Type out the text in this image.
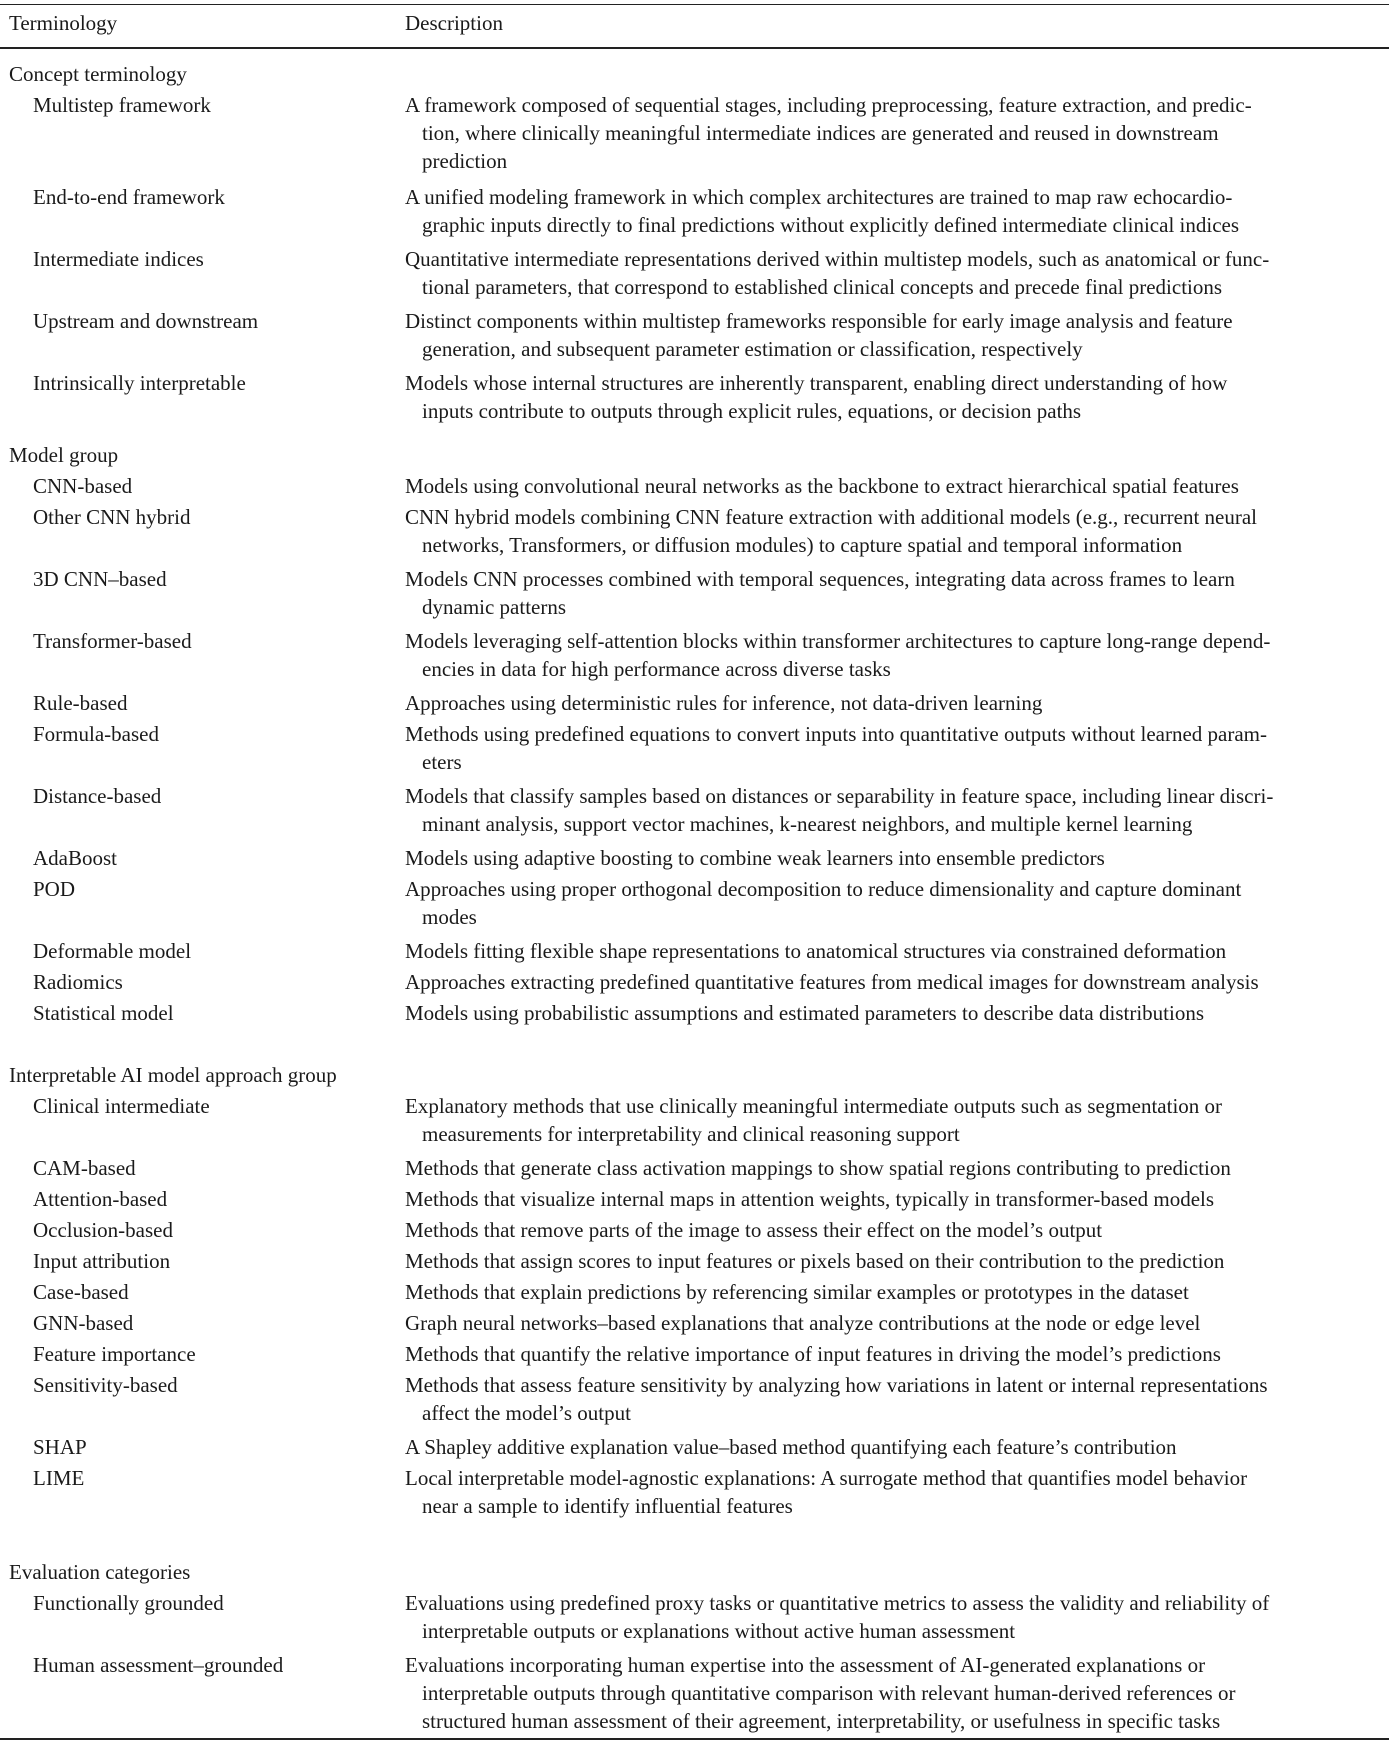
Terminology	Description
Concept terminology
Multistep framework	A framework composed of sequential stages, including preprocessing, feature extraction, and predic-
tion, where clinically meaningful intermediate indices are generated and reused in downstream
prediction
End-to-end framework	A unified modeling framework in which complex architectures are trained to map raw echocardio-
graphic inputs directly to final predictions without explicitly defined intermediate clinical indices
Intermediate indices	Quantitative intermediate representations derived within multistep models, such as anatomical or func-
tional parameters, that correspond to established clinical concepts and precede final predictions
Upstream and downstream	Distinct components within multistep frameworks responsible for early image analysis and feature
generation, and subsequent parameter estimation or classification, respectively
Intrinsically interpretable	Models whose internal structures are inherently transparent, enabling direct understanding of how
inputs contribute to outputs through explicit rules, equations, or decision paths
Model group
CNN-based	Models using convolutional neural networks as the backbone to extract hierarchical spatial features
Other CNN hybrid	CNN hybrid models combining CNN feature extraction with additional models (e.g., recurrent neural
networks, Transformers, or diffusion modules) to capture spatial and temporal information
3D CNN–based	Models CNN processes combined with temporal sequences, integrating data across frames to learn
dynamic patterns
Transformer-based	Models leveraging self-attention blocks within transformer architectures to capture long-range depend-
encies in data for high performance across diverse tasks
Rule-based	Approaches using deterministic rules for inference, not data-driven learning
Formula-based	Methods using predefined equations to convert inputs into quantitative outputs without learned param-
eters
Distance-based	Models that classify samples based on distances or separability in feature space, including linear discri-
minant analysis, support vector machines, k-nearest neighbors, and multiple kernel learning
AdaBoost	Models using adaptive boosting to combine weak learners into ensemble predictors
POD	Approaches using proper orthogonal decomposition to reduce dimensionality and capture dominant
modes
Deformable model	Models fitting flexible shape representations to anatomical structures via constrained deformation
Radiomics	Approaches extracting predefined quantitative features from medical images for downstream analysis
Statistical model	Models using probabilistic assumptions and estimated parameters to describe data distributions
Interpretable AI model approach group
Clinical intermediate	Explanatory methods that use clinically meaningful intermediate outputs such as segmentation or
measurements for interpretability and clinical reasoning support
CAM-based	Methods that generate class activation mappings to show spatial regions contributing to prediction
Attention-based	Methods that visualize internal maps in attention weights, typically in transformer-based models
Occlusion-based	Methods that remove parts of the image to assess their effect on the model’s output
Input attribution	Methods that assign scores to input features or pixels based on their contribution to the prediction
Case-based	Methods that explain predictions by referencing similar examples or prototypes in the dataset
GNN-based	Graph neural networks–based explanations that analyze contributions at the node or edge level
Feature importance	Methods that quantify the relative importance of input features in driving the model’s predictions
Sensitivity-based	Methods that assess feature sensitivity by analyzing how variations in latent or internal representations
affect the model’s output
SHAP	A Shapley additive explanation value–based method quantifying each feature’s contribution
LIME	Local interpretable model-agnostic explanations: A surrogate method that quantifies model behavior
near a sample to identify influential features
Evaluation categories
Functionally grounded	Evaluations using predefined proxy tasks or quantitative metrics to assess the validity and reliability of
interpretable outputs or explanations without active human assessment
Human assessment–grounded	Evaluations incorporating human expertise into the assessment of AI-generated explanations or
interpretable outputs through quantitative comparison with relevant human-derived references or
structured human assessment of their agreement, interpretability, or usefulness in specific tasks
